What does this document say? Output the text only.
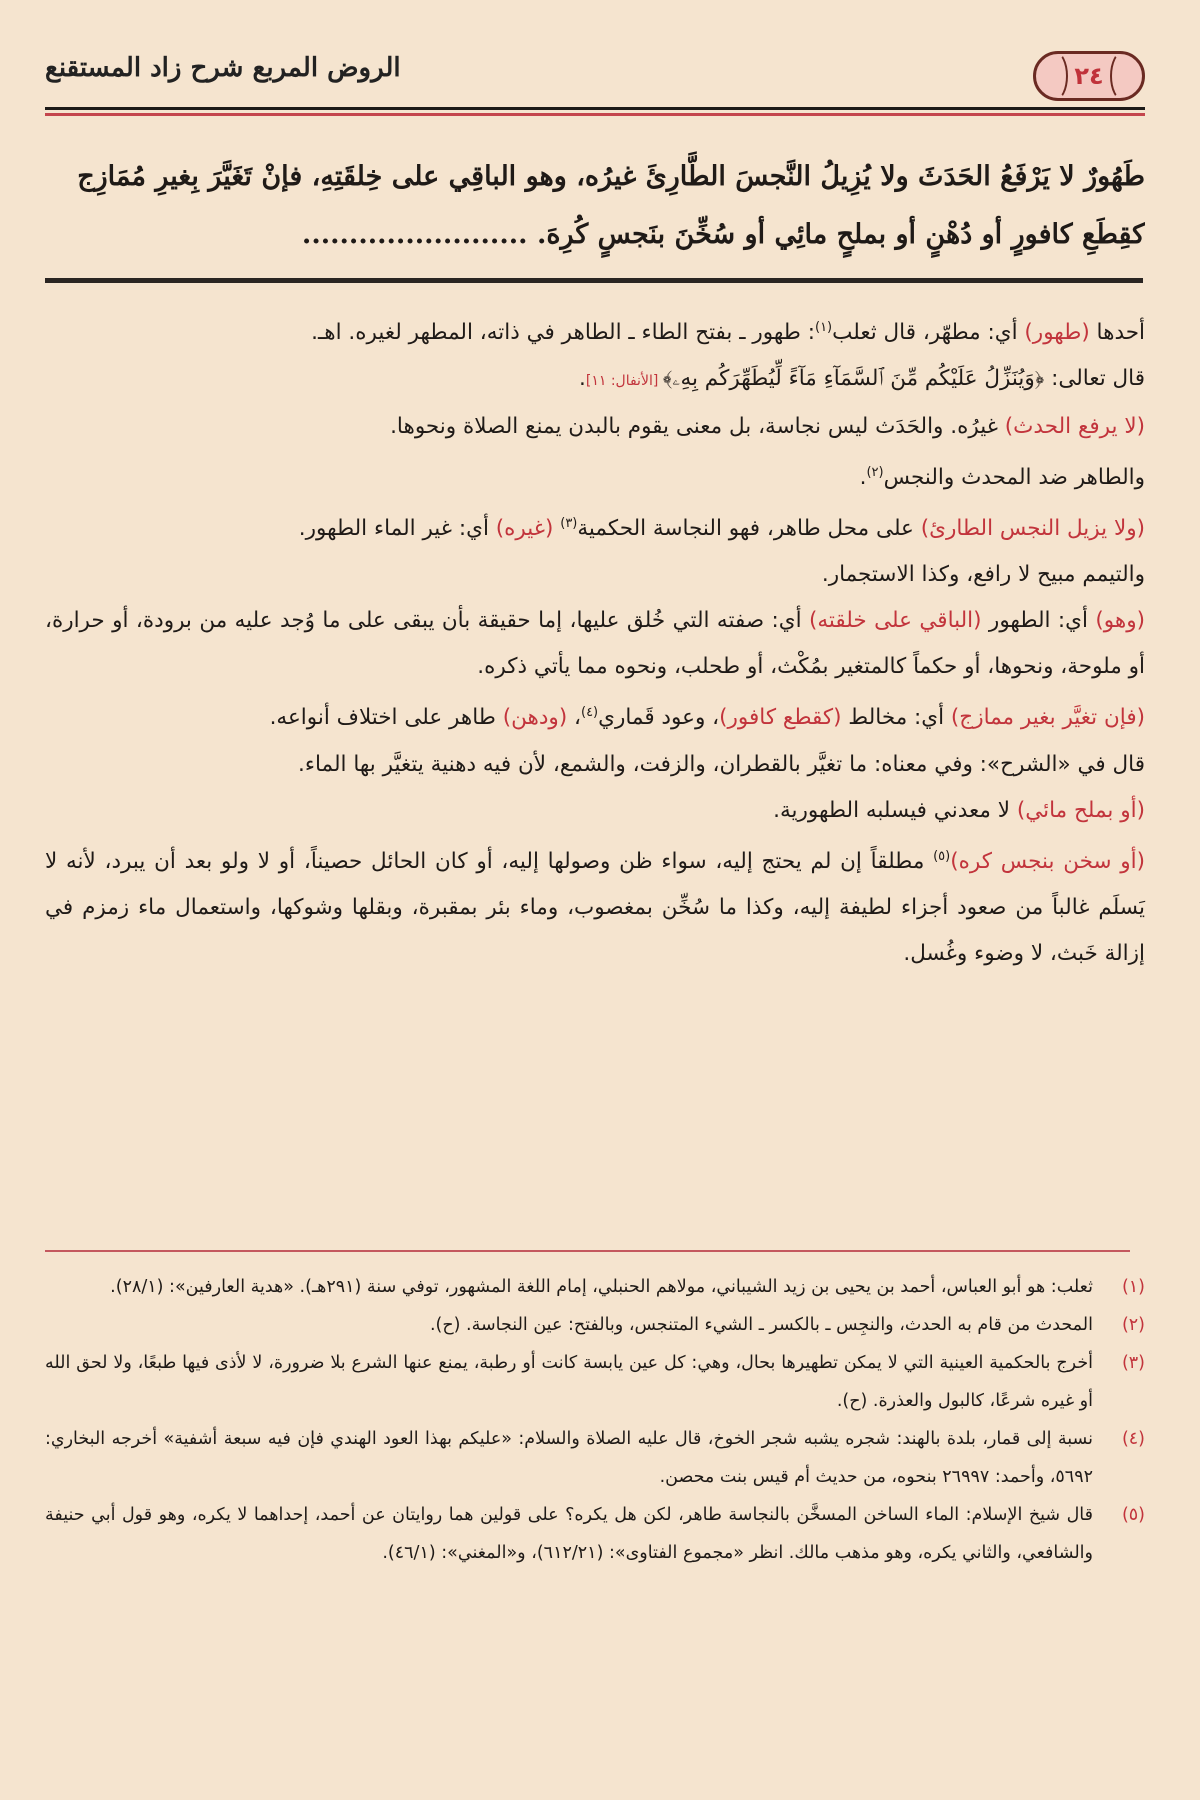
الروض المربع شرح زاد المستقنع	٢٤
طَهُورٌ لا يَرْفَعُ الحَدَثَ ولا يُزِيلُ النَّجسَ الطَّارِئَ غيرُه، وهو الباقِي على خِلقَتِهِ، فإنْ تَغَيَّرَ بِغيرِ مُمَازِج
كقِطَعِ كافورٍ أو دُهْنٍ أو بملحٍ مائِي أو سُخِّنَ بنَجسٍ كُرِهَ. ........................
أحدها (طهور) أي: مطهّر، قال ثعلب$^{(١)}$: طهور ـ بفتح الطاء ـ الطاهر في ذاته، المطهر لغيره. اهـ.
قال تعالى: ﴿وَيُنَزِّلُ عَلَيْكُم مِّنَ ٱلسَّمَآءِ مَآءً لِّيُطَهِّرَكُم بِهِۦ﴾ [الأنفال: ١١].
(لا يرفع الحدث) غيرُه. والحَدَث ليس نجاسة، بل معنى يقوم بالبدن يمنع الصلاة ونحوها.
والطاهر ضد المحدث والنجس$^{(٢)}$.
(ولا يزيل النجس الطارئ) على محل طاهر، فهو النجاسة الحكمية$^{(٣)}$ (غيره) أي: غير الماء الطهور.
والتيمم مبيح لا رافع، وكذا الاستجمار.
(وهو) أي: الطهور (الباقي على خلقته) أي: صفته التي خُلق عليها، إما حقيقة بأن يبقى على ما وُجد عليه من برودة، أو حرارة، أو ملوحة، ونحوها، أو حكماً كالمتغير بمُكْث، أو طحلب، ونحوه مما يأتي ذكره.
(فإن تغيَّر بغير ممازج) أي: مخالط (كقطع كافور)، وعود قَماري$^{(٤)}$، (ودهن) طاهر على اختلاف أنواعه.
قال في «الشرح»: وفي معناه: ما تغيَّر بالقطران، والزفت، والشمع، لأن فيه دهنية يتغيَّر بها الماء.
(أو بملح مائي) لا معدني فيسلبه الطهورية.
(أو سخن بنجس كره)$^{(٥)}$ مطلقاً إن لم يحتج إليه، سواء ظن وصولها إليه، أو كان الحائل حصيناً، أو لا ولو بعد أن يبرد، لأنه لا يَسلَم غالباً من صعود أجزاء لطيفة إليه، وكذا ما سُخِّن بمغصوب، وماء بئر بمقبرة، وبقلها وشوكها، واستعمال ماء زمزم في إزالة خَبث، لا وضوء وغُسل.
(١)
ثعلب: هو أبو العباس، أحمد بن يحيى بن زيد الشيباني، مولاهم الحنبلي، إمام اللغة المشهور، توفي سنة (٢٩١هـ). «هدية العارفين»: (٢٨/١).
(٢)
المحدث من قام به الحدث، والنجِس ـ بالكسر ـ الشيء المتنجس، وبالفتح: عين النجاسة. (ح).
(٣)
أخرج بالحكمية العينية التي لا يمكن تطهيرها بحال، وهي: كل عين يابسة كانت أو رطبة، يمنع عنها الشرع بلا ضرورة، لا لأذى فيها طبعًا، ولا لحق الله أو غيره شرعًا، كالبول والعذرة. (ح).
(٤)
نسبة إلى قمار، بلدة بالهند: شجره يشبه شجر الخوخ، قال عليه الصلاة والسلام: «عليكم بهذا العود الهندي فإن فيه سبعة أشفية» أخرجه البخاري: ٥٦٩٢، وأحمد: ٢٦٩٩٧ بنحوه، من حديث أم قيس بنت محصن.
(٥)
قال شيخ الإسلام: الماء الساخن المسخَّن بالنجاسة طاهر، لكن هل يكره؟ على قولين هما روايتان عن أحمد، إحداهما لا يكره، وهو قول أبي حنيفة والشافعي، والثاني يكره، وهو مذهب مالك. انظر «مجموع الفتاوى»: (٦١٢/٢١)، و«المغني»: (٤٦/١).
